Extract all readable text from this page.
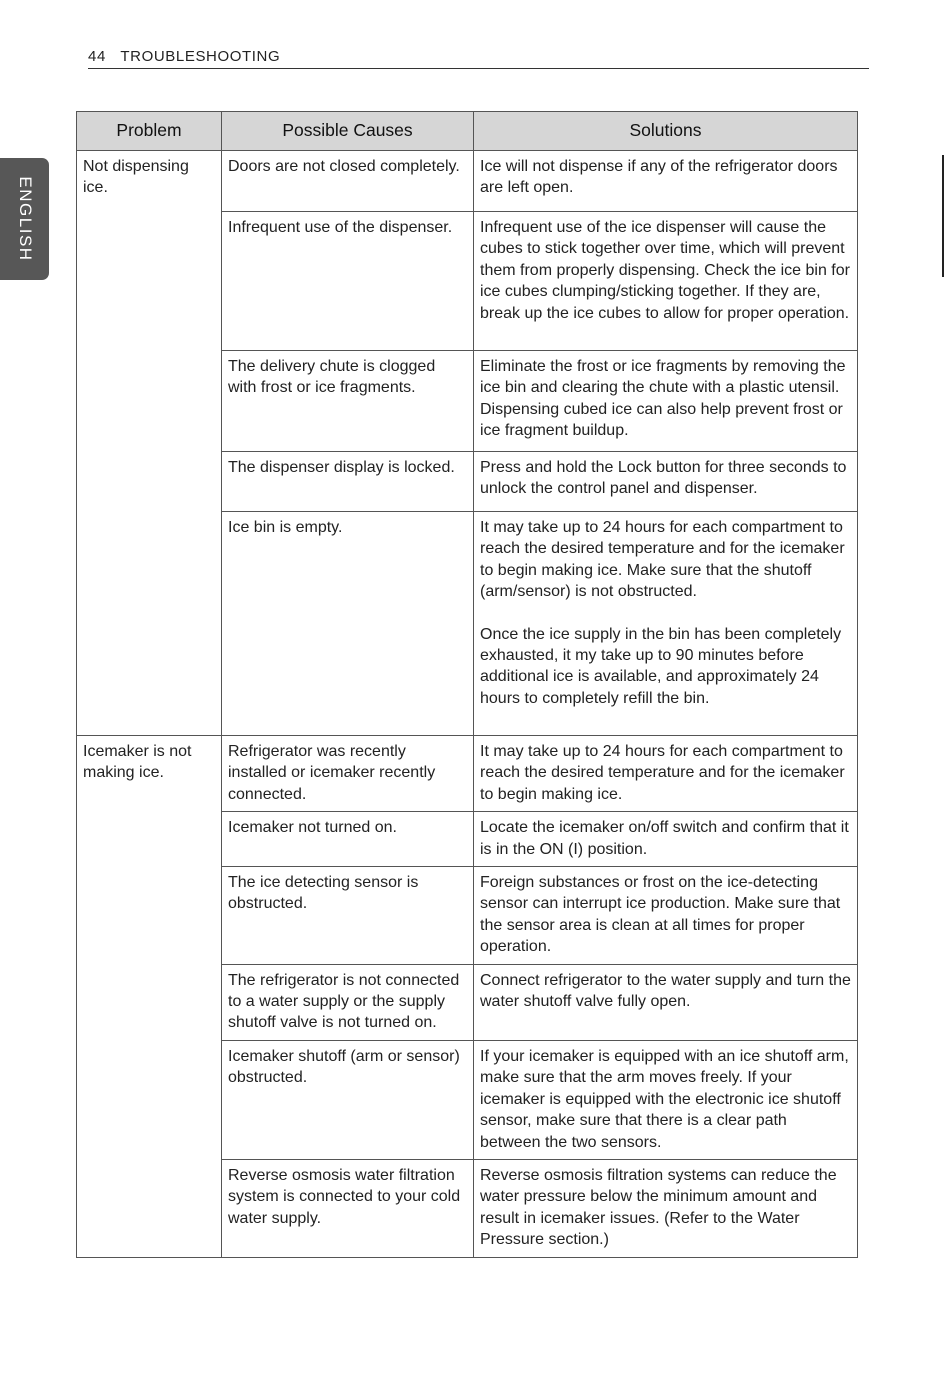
44 TROUBLESHOOTING
ENGLISH
Problem	Possible Causes	Solutions
Not dispensing ice.	Doors are not closed completely.	Ice will not dispense if any of the refrigerator doors are left open.
	Infrequent use of the dispenser.	Infrequent use of the ice dispenser will cause the cubes to stick together over time, which will prevent them from properly dispensing. Check the ice bin for ice cubes clumping/sticking together. If they are, break up the ice cubes to allow for proper operation.
	The delivery chute is clogged with frost or ice fragments.	Eliminate the frost or ice fragments by removing the ice bin and clearing the chute with a plastic utensil. Dispensing cubed ice can also help prevent frost or ice fragment buildup.
	The dispenser display is locked.	Press and hold the Lock button for three seconds to unlock the control panel and dispenser.
	Ice bin is empty.	It may take up to 24 hours for each compartment to reach the desired temperature and for the icemaker to begin making ice. Make sure that the shutoff (arm/sensor) is not obstructed.
Once the ice supply in the bin has been completely exhausted, it my take up to 90 minutes before additional ice is available, and approximately 24 hours to completely refill the bin.

Icemaker is not making ice.	Refrigerator was recently installed or icemaker recently connected.	It may take up to 24 hours for each compartment to reach the desired temperature and for the icemaker to begin making ice.
	Icemaker not turned on.	Locate the icemaker on/off switch and confirm that it is in the ON (I) position.
	The ice detecting sensor is obstructed.	Foreign substances or frost on the ice-detecting sensor can interrupt ice production. Make sure that the sensor area is clean at all times for proper operation.
	The refrigerator is not connected to a water supply or the supply shutoff valve is not turned on.	Connect refrigerator to the water supply and turn the water shutoff valve fully open.
	Icemaker shutoff (arm or sensor) obstructed.	If your icemaker is equipped with an ice shutoff arm, make sure that the arm moves freely. If your icemaker is equipped with the electronic ice shutoff sensor, make sure that there is a clear path between the two sensors.
	Reverse osmosis water filtration system is connected to your cold water supply.	Reverse osmosis filtration systems can reduce the water pressure below the minimum amount and result in icemaker issues. (Refer to the Water Pressure section.)
